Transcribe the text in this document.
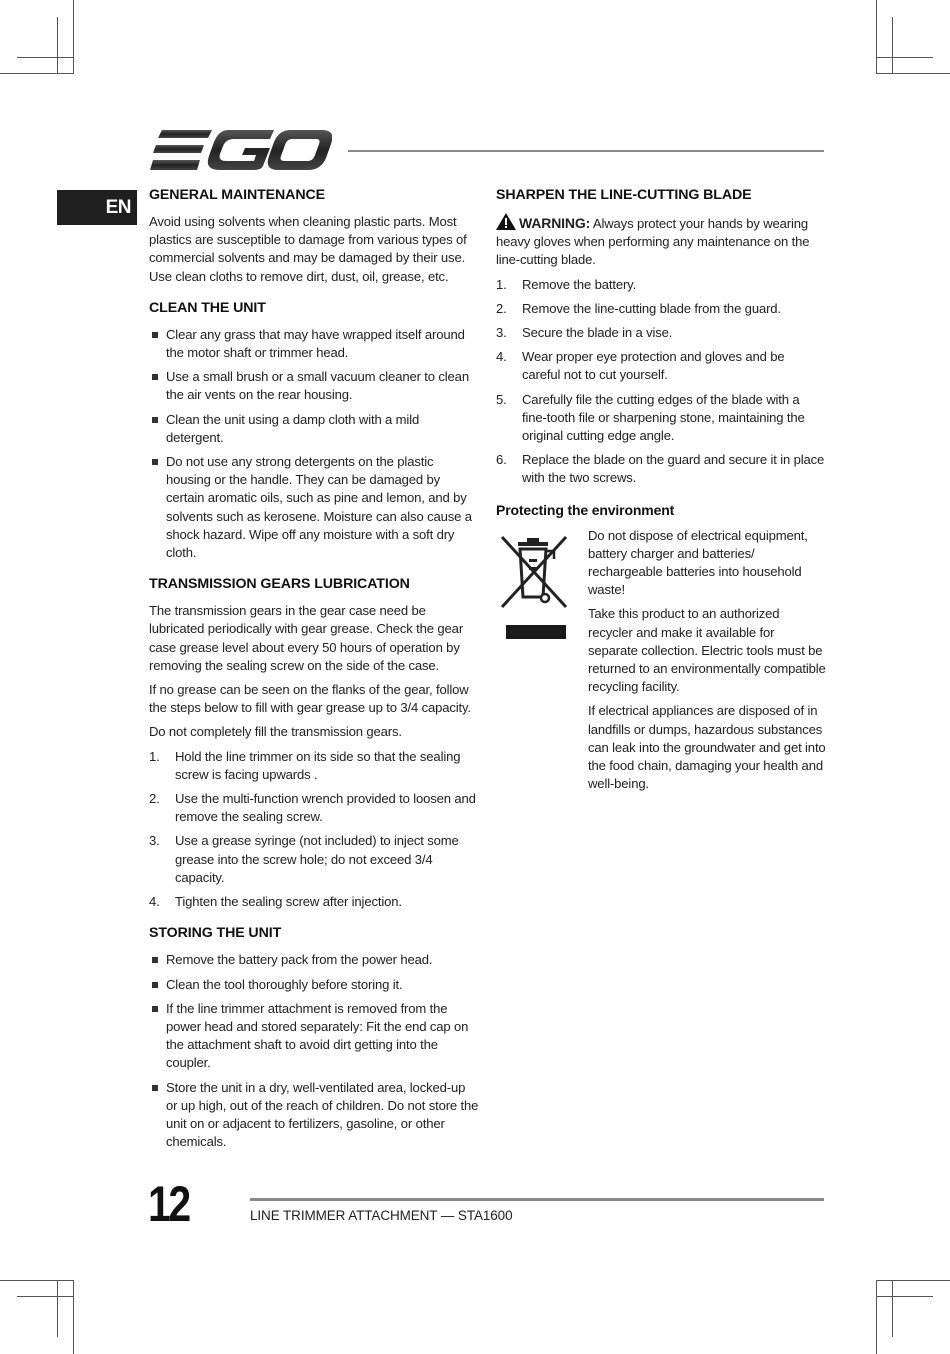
EN
GENERAL MAINTENANCE

Avoid using solvents when cleaning plastic parts. Most plastics are susceptible to damage from various types of commercial solvents and may be damaged by their use. Use clean cloths to remove dirt, dust, oil, grease, etc.

CLEAN THE UNIT
Clear any grass that may have wrapped itself around the motor shaft or trimmer head.
Use a small brush or a small vacuum cleaner to clean the air vents on the rear housing.
Clean the unit using a damp cloth with a mild detergent.
Do not use any strong detergents on the plastic housing or the handle. They can be damaged by certain aromatic oils, such as pine and lemon, and by solvents such as kerosene. Moisture can also cause a shock hazard. Wipe off any moisture with a soft dry cloth.
TRANSMISSION GEARS LUBRICATION

The transmission gears in the gear case need be lubricated periodically with gear grease. Check the gear case grease level about every 50 hours of operation by removing the sealing screw on the side of the case.

If no grease can be seen on the flanks of the gear, follow the steps below to fill with gear grease up to 3/4 capacity.

Do not completely fill the transmission gears.

1. Hold the line trimmer on its side so that the sealing screw is facing upwards .
2. Use the multi-function wrench provided to loosen and remove the sealing screw.
3. Use a grease syringe (not included) to inject some grease into the screw hole; do not exceed 3/4 capacity.
4. Tighten the sealing screw after injection.
STORING THE UNIT
Remove the battery pack from the power head.
Clean the tool thoroughly before storing it.
If the line trimmer attachment is removed from the power head and stored separately: Fit the end cap on the attachment shaft to avoid dirt getting into the coupler.
Store the unit in a dry, well-ventilated area, locked-up or up high, out of the reach of children. Do not store the unit on or adjacent to fertilizers, gasoline, or other chemicals.
SHARPEN THE LINE-CUTTING BLADE

WARNING: Always protect your hands by wearing heavy gloves when performing any maintenance on the line-cutting blade.

1. Remove the battery.
2. Remove the line-cutting blade from the guard.
3. Secure the blade in a vise.
4. Wear proper eye protection and gloves and be careful not to cut yourself.
5. Carefully file the cutting edges of the blade with a fine-tooth file or sharpening stone, maintaining the original cutting edge angle.
6. Replace the blade on the guard and secure it in place with the two screws.
Protecting the environment

Do not dispose of electrical equipment, battery charger and batteries/ rechargeable batteries into household waste!

Take this product to an authorized recycler and make it available for separate collection. Electric tools must be returned to an environmentally compatible recycling facility.

If electrical appliances are disposed of in landfills or dumps, hazardous substances can leak into the groundwater and get into the food chain, damaging your health and well-being.

12	LINE TRIMMER ATTACHMENT — STA1600
